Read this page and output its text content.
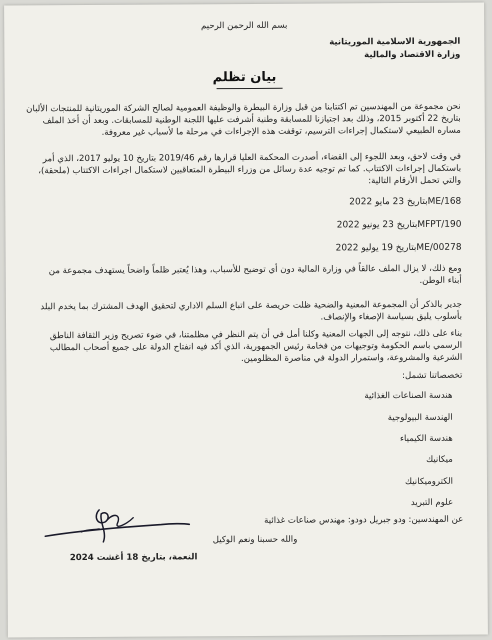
بسم الله الرحمن الرحيم
الجمهورية الاسلامية الموريتانية
وزارة الاقتصاد والمالية
بيان تظلم
نحن مجموعة من المهندسين تم اكتتابنا من قبل وزارة البيطرة والوظيفة العمومية لصالح الشركة الموريتانية للمنتجات الألبان
بتاريخ 22 أكتوبر 2015، وذلك بعد اجتيازنا للمسابقة وطنية أشرفت عليها اللجنة الوطنية للمسابقات. وبعد أن أخذ الملف
مساره الطبيعي لاستكمال إجراءات الترسيم، توقفت هذه الإجراءات في مرحلة ما لأسباب غير معروفة.
في وقت لاحق، وبعد اللجوء إلى القضاء، أصدرت المحكمة العليا قرارها رقم 2019/46 بتاريخ 10 يوليو 2017، الذي أمر
باستكمال إجراءات الاكتتاب. كما تم توجيه عدة رسائل من وزراء البيطرة المتعاقبين لاستكمال اجراءات الاكتتاب (ملحقة)،
والتي تحمل الأرقام التالية:
168/MEبتاريخ 23 مايو 2022
190/MFPTبتاريخ 23 يونيو 2022
00278/MEبتاريخ 19 يوليو 2022
ومع ذلك، لا يزال الملف عالقاً في وزارة المالية دون أي توضيح للأسباب، وهذا يُعتبر ظلماً واضحاً يستهدف مجموعة من
أبناء الوطن.
جدير بالذكر أن المجموعة المعنية والضحية ظلت حريصة على اتباع السلم الاداري لتحقيق الهدف المشترك بما يخدم البلد
بأسلوب يليق بسياسة الإصغاء والإنصاف.
بناء على ذلك، نتوجه إلى الجهات المعنية وكلنا أمل في أن يتم النظر في مظلمتنا، في ضوء تصريح وزير الثقافة الناطق
الرسمي باسم الحكومة وتوجيهات من فخامة رئيس الجمهورية، الذي أكد فيه انفتاح الدولة على جميع أصحاب المطالب
الشرعية والمشروعة، واستمرار الدولة في مناصرة المظلومين.
تخصصاتنا تشمل:
هندسة الصناعات الغذائية
الهندسة البيولوجية
هندسة الكيمياء
ميكانيك
الكتروميكانيك
علوم التبريد
عن المهندسين: ودو جبريل دودو: مهندس صناعات غذائية
والله حسبنا ونعم الوكيل
النعمة، بتاريخ 18 أغشت 2024
